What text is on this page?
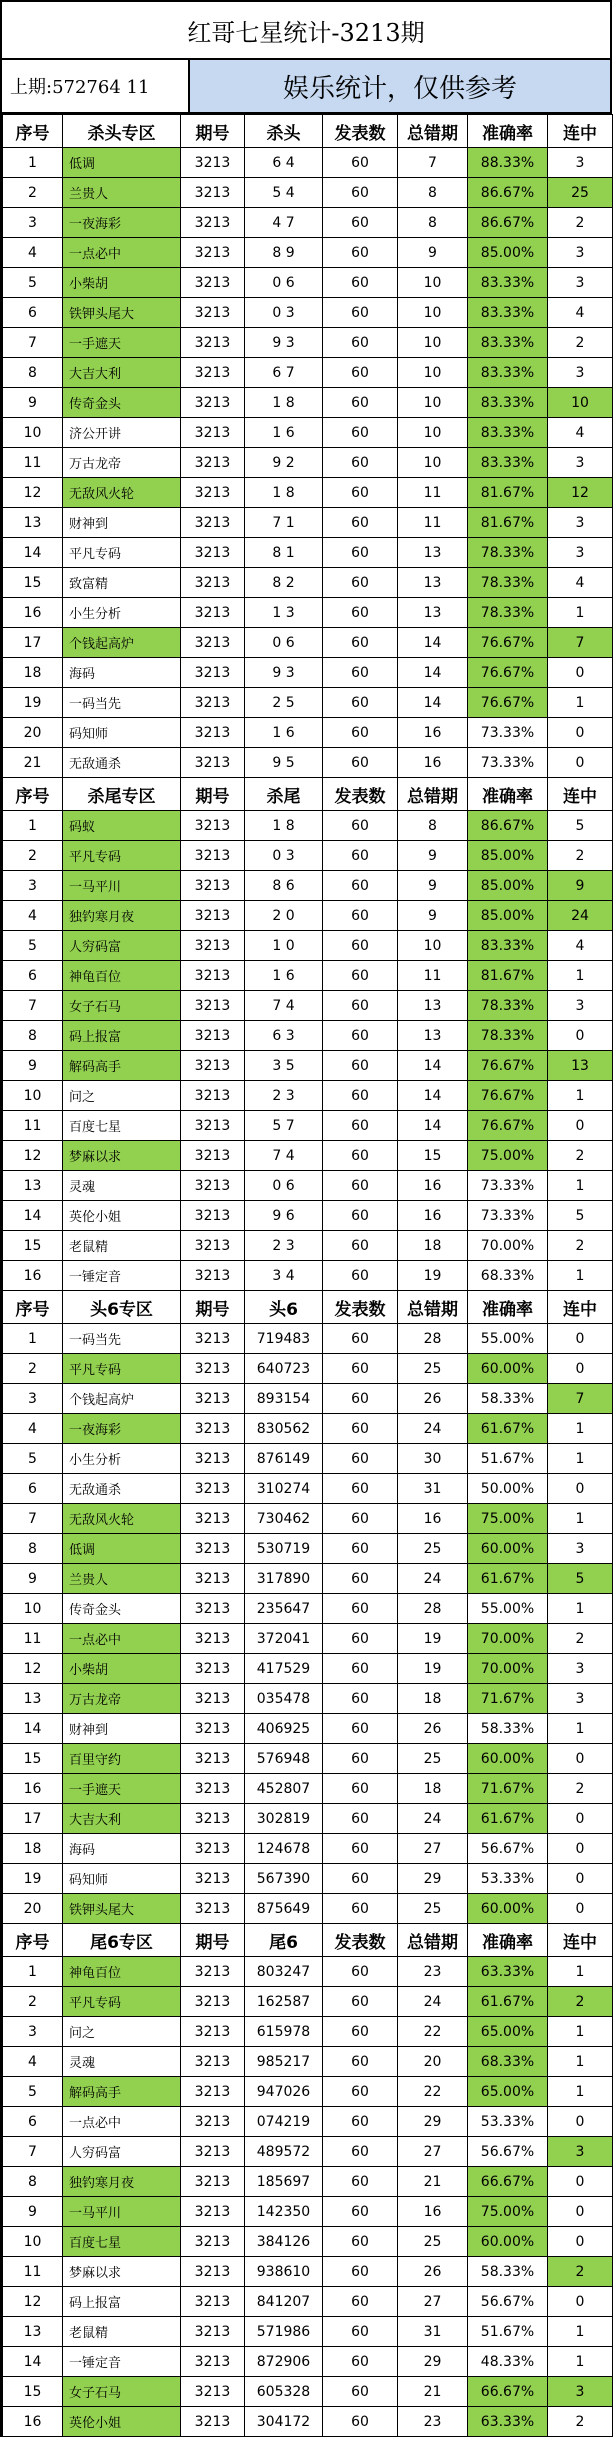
红哥七星统计-3213期
上期:572764 11	娱乐统计，仅供参考
序号	杀头专区	期号	杀头	发表数	总错期	准确率	连中
1	低调	3213	6 4	60	7	88.33%	3
2	兰贵人	3213	5 4	60	8	86.67%	25
3	一夜海彩	3213	4 7	60	8	86.67%	2
4	一点必中	3213	8 9	60	9	85.00%	3
5	小柴胡	3213	0 6	60	10	83.33%	3
6	铁钾头尾大	3213	0 3	60	10	83.33%	4
7	一手遮天	3213	9 3	60	10	83.33%	2
8	大吉大利	3213	6 7	60	10	83.33%	3
9	传奇金头	3213	1 8	60	10	83.33%	10
10	济公开讲	3213	1 6	60	10	83.33%	4
11	万古龙帝	3213	9 2	60	10	83.33%	3
12	无敌风火轮	3213	1 8	60	11	81.67%	12
13	财神到	3213	7 1	60	11	81.67%	3
14	平凡专码	3213	8 1	60	13	78.33%	3
15	致富精	3213	8 2	60	13	78.33%	4
16	小生分析	3213	1 3	60	13	78.33%	1
17	个钱起高炉	3213	0 6	60	14	76.67%	7
18	海码	3213	9 3	60	14	76.67%	0
19	一码当先	3213	2 5	60	14	76.67%	1
20	码知师	3213	1 6	60	16	73.33%	0
21	无敌通杀	3213	9 5	60	16	73.33%	0
序号	杀尾专区	期号	杀尾	发表数	总错期	准确率	连中
1	码蚁	3213	1 8	60	8	86.67%	5
2	平凡专码	3213	0 3	60	9	85.00%	2
3	一马平川	3213	8 6	60	9	85.00%	9
4	独钓寒月夜	3213	2 0	60	9	85.00%	24
5	人穷码富	3213	1 0	60	10	83.33%	4
6	神龟百位	3213	1 6	60	11	81.67%	1
7	女子石马	3213	7 4	60	13	78.33%	3
8	码上报富	3213	6 3	60	13	78.33%	0
9	解码高手	3213	3 5	60	14	76.67%	13
10	问之	3213	2 3	60	14	76.67%	1
11	百度七星	3213	5 7	60	14	76.67%	0
12	梦麻以求	3213	7 4	60	15	75.00%	2
13	灵魂	3213	0 6	60	16	73.33%	1
14	英伦小姐	3213	9 6	60	16	73.33%	5
15	老鼠精	3213	2 3	60	18	70.00%	2
16	一锤定音	3213	3 4	60	19	68.33%	1
序号	头6专区	期号	头6	发表数	总错期	准确率	连中
1	一码当先	3213	719483	60	28	55.00%	0
2	平凡专码	3213	640723	60	25	60.00%	0
3	个钱起高炉	3213	893154	60	26	58.33%	7
4	一夜海彩	3213	830562	60	24	61.67%	1
5	小生分析	3213	876149	60	30	51.67%	1
6	无敌通杀	3213	310274	60	31	50.00%	0
7	无敌风火轮	3213	730462	60	16	75.00%	1
8	低调	3213	530719	60	25	60.00%	3
9	兰贵人	3213	317890	60	24	61.67%	5
10	传奇金头	3213	235647	60	28	55.00%	1
11	一点必中	3213	372041	60	19	70.00%	2
12	小柴胡	3213	417529	60	19	70.00%	3
13	万古龙帝	3213	035478	60	18	71.67%	3
14	财神到	3213	406925	60	26	58.33%	1
15	百里守约	3213	576948	60	25	60.00%	0
16	一手遮天	3213	452807	60	18	71.67%	2
17	大吉大利	3213	302819	60	24	61.67%	0
18	海码	3213	124678	60	27	56.67%	0
19	码知师	3213	567390	60	29	53.33%	0
20	铁钾头尾大	3213	875649	60	25	60.00%	0
序号	尾6专区	期号	尾6	发表数	总错期	准确率	连中
1	神龟百位	3213	803247	60	23	63.33%	1
2	平凡专码	3213	162587	60	24	61.67%	2
3	问之	3213	615978	60	22	65.00%	1
4	灵魂	3213	985217	60	20	68.33%	1
5	解码高手	3213	947026	60	22	65.00%	1
6	一点必中	3213	074219	60	29	53.33%	0
7	人穷码富	3213	489572	60	27	56.67%	3
8	独钓寒月夜	3213	185697	60	21	66.67%	0
9	一马平川	3213	142350	60	16	75.00%	0
10	百度七星	3213	384126	60	25	60.00%	0
11	梦麻以求	3213	938610	60	26	58.33%	2
12	码上报富	3213	841207	60	27	56.67%	0
13	老鼠精	3213	571986	60	31	51.67%	1
14	一锤定音	3213	872906	60	29	48.33%	1
15	女子石马	3213	605328	60	21	66.67%	3
16	英伦小姐	3213	304172	60	23	63.33%	2
